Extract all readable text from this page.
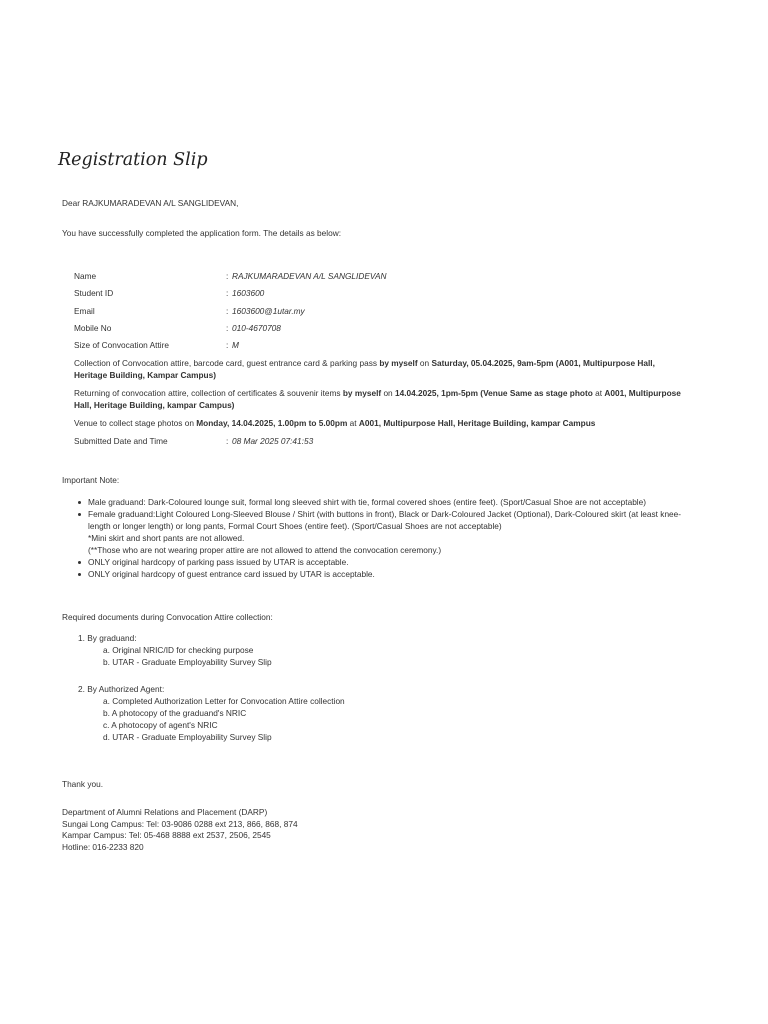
Registration Slip
Dear RAJKUMARADEVAN A/L SANGLIDEVAN,
You have successfully completed the application form. The details as below:
Name	: RAJKUMARADEVAN A/L SANGLIDEVAN
Student ID	: 1603600
Email	: 1603600@1utar.my
Mobile No	: 010-4670708
Size of Convocation Attire	: M

Collection of Convocation attire, barcode card, guest entrance card & parking pass by myself on Saturday, 05.04.2025, 9am-5pm (A001, Multipurpose Hall, Heritage Building, Kampar Campus)

Returning of convocation attire, collection of certificates & souvenir items by myself on 14.04.2025, 1pm-5pm (Venue Same as stage photo at A001, Multipurpose Hall, Heritage Building, kampar Campus)

Venue to collect stage photos on Monday, 14.04.2025, 1.00pm to 5.00pm at A001, Multipurpose Hall, Heritage Building, kampar Campus

Submitted Date and Time	: 08 Mar 2025 07:41:53
Important Note:
Male graduand: Dark-Coloured lounge suit, formal long sleeved shirt with tie, formal covered shoes (entire feet). (Sport/Casual Shoe are not acceptable)
Female graduand:Light Coloured Long-Sleeved Blouse / Shirt (with buttons in front), Black or Dark-Coloured Jacket (Optional), Dark-Coloured skirt (at least knee-length or longer length) or long pants, Formal Court Shoes (entire feet). (Sport/Casual Shoes are not acceptable)
*Mini skirt and short pants are not allowed.
(**Those who are not wearing proper attire are not allowed to attend the convocation ceremony.)
ONLY original hardcopy of parking pass issued by UTAR is acceptable.
ONLY original hardcopy of guest entrance card issued by UTAR is acceptable.
Required documents during Convocation Attire collection:
1. By graduand:
a. Original NRIC/ID for checking purpose
b. UTAR - Graduate Employability Survey Slip
2. By Authorized Agent:
a. Completed Authorization Letter for Convocation Attire collection
b. A photocopy of the graduand's NRIC
c. A photocopy of agent's NRIC
d. UTAR - Graduate Employability Survey Slip
Thank you.
Department of Alumni Relations and Placement (DARP)
Sungai Long Campus: Tel: 03-9086 0288 ext 213, 866, 868, 874
Kampar Campus: Tel: 05-468 8888 ext 2537, 2506, 2545
Hotline: 016-2233 820
